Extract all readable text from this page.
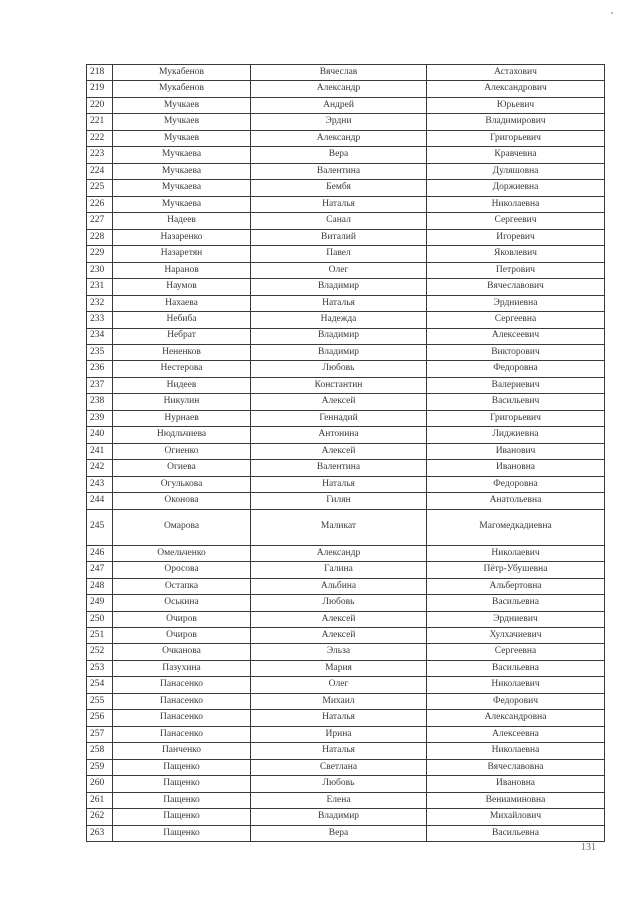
218	Мукабенов	Вячеслав	Астахович
219	Мукабенов	Александр	Александрович
220	Мучкаев	Андрей	Юрьевич
221	Мучкаев	Эрдни	Владимирович
222	Мучкаев	Александр	Григорьевич
223	Мучкаева	Вера	Кравчевна
224	Мучкаева	Валентина	Дуляшовна
225	Мучкаева	Бембя	Доржиевна
226	Мучкаева	Наталья	Николаевна
227	Надеев	Санал	Сергеевич
228	Назаренко	Виталий	Игоревич
229	Назаретян	Павел	Яковлевич
230	Наранов	Олег	Петрович
231	Наумов	Владимир	Вячеславович
232	Нахаева	Наталья	Эрдниевна
233	Небиба	Надежда	Сергеевна
234	Небрат	Владимир	Алексеевич
235	Нененков	Владимир	Викторович
236	Нестерова	Любовь	Федоровна
237	Нидеев	Константин	Валериевич
238	Никулин	Алексей	Васильевич
239	Нурнаев	Геннадий	Григорьевич
240	Нюдльчиева	Антонина	Лиджиевна
241	Огиенко	Алексей	Иванович
242	Огиева	Валентина	Ивановна
243	Огулькова	Наталья	Федоровна
244	Оконова	Гилян	Анатольевна
245	Омарова	Маликат	Магомедкадиевна
246	Омельченко	Александр	Николаевич
247	Оросова	Галина	Пётр-Убушевна
248	Остапка	Альбина	Альбертовна
249	Оськина	Любовь	Васильевна
250	Очиров	Алексей	Эрдниевич
251	Очиров	Алексей	Хулхачиевич
252	Очканова	Эльза	Сергеевна
253	Пазухина	Мария	Васильевна
254	Панасенко	Олег	Николаевич
255	Панасенко	Михаил	Федорович
256	Панасенко	Наталья	Александровна
257	Панасенко	Ирина	Алексеевна
258	Панченко	Наталья	Николаевна
259	Пащенко	Светлана	Вячеславовна
260	Пащенко	Любовь	Ивановна
261	Пащенко	Елена	Вениаминовна
262	Пащенко	Владимир	Михайлович
263	Пащенко	Вера	Васильевна
131
